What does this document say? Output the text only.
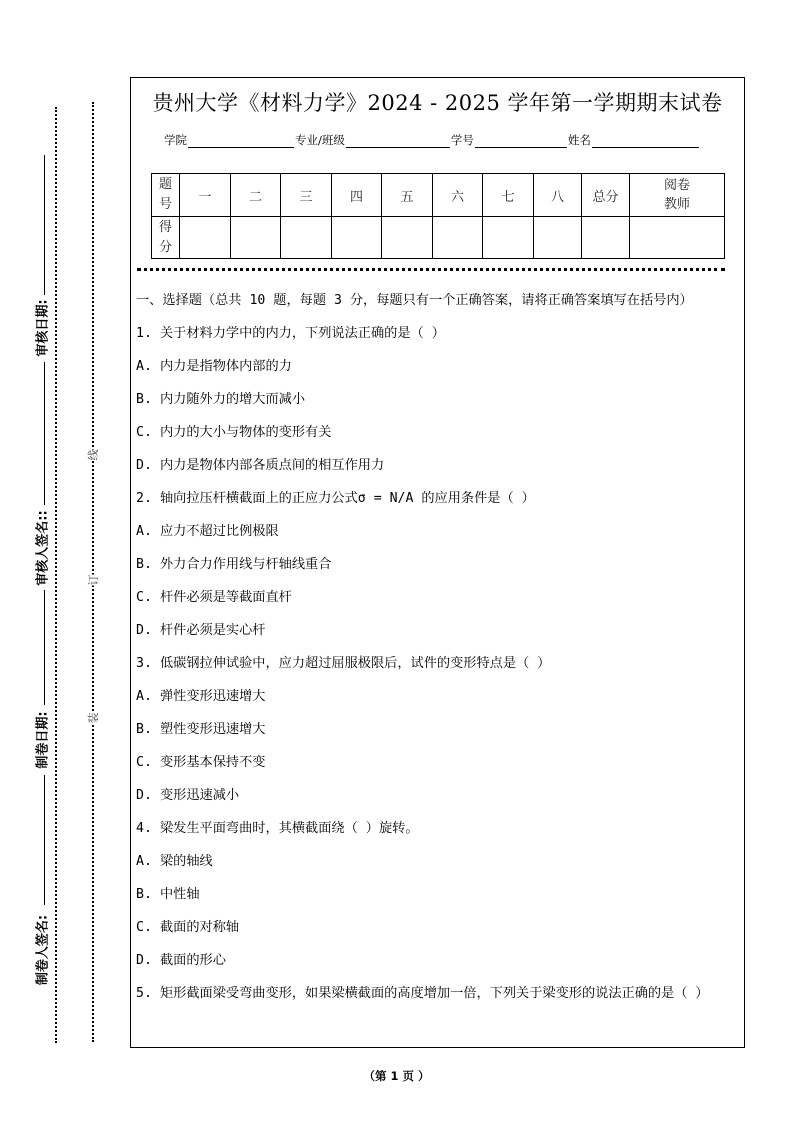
审核日期:
审核人签名::
制卷日期:
制卷人签名:
线
订
装
贵州大学《材料力学》2024 - 2025 学年第一学期期末试卷
学院	专业/班级	学号	姓名
题
号	一	二	三	四	五	六	七	八	总分	阅卷
教师
得
分										

一、选择题（总共 10 题，每题 3 分，每题只有一个正确答案，请将正确答案填写在括号内）

1. 关于材料力学中的内力，下列说法正确的是（ ）

A. 内力是指物体内部的力

B. 内力随外力的增大而减小

C. 内力的大小与物体的变形有关

D. 内力是物体内部各质点间的相互作用力

2. 轴向拉压杆横截面上的正应力公式σ = N/A 的应用条件是（ ）

A. 应力不超过比例极限

B. 外力合力作用线与杆轴线重合

C. 杆件必须是等截面直杆

D. 杆件必须是实心杆

3. 低碳钢拉伸试验中，应力超过屈服极限后，试件的变形特点是（ ）

A. 弹性变形迅速增大

B. 塑性变形迅速增大

C. 变形基本保持不变

D. 变形迅速减小

4. 梁发生平面弯曲时，其横截面绕（ ）旋转。

A. 梁的轴线

B. 中性轴

C. 截面的对称轴

D. 截面的形心

5. 矩形截面梁受弯曲变形，如果梁横截面的高度增加一倍，下列关于梁变形的说法正确的是（ ）

（第 1 页 ）
